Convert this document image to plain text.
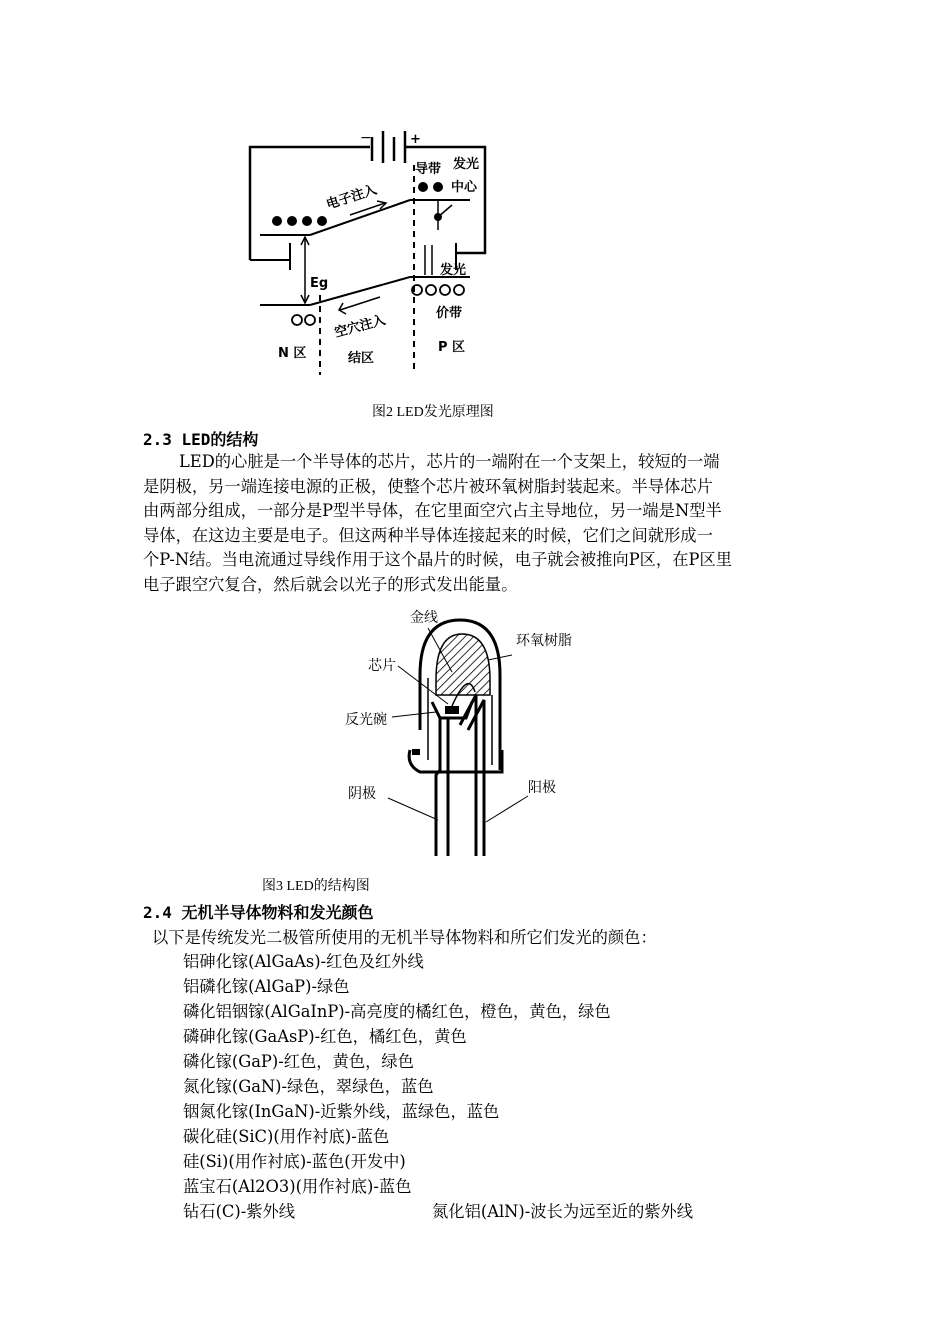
−	+
Eg
导带 发光
中心
电子注入
发光
价带
空穴注入
N 区	结区
P 区
图2 LED发光原理图
2.3 LED的结构
LED的心脏是一个半导体的芯片，芯片的一端附在一个支架上，较短的一端
是阴极，另一端连接电源的正极，使整个芯片被环氧树脂封装起来。半导体芯片
由两部分组成，一部分是P型半导体，在它里面空穴占主导地位，另一端是N型半
导体，在这边主要是电子。但这两种半导体连接起来的时候，它们之间就形成一
个P-N结。当电流通过导线作用于这个晶片的时候，电子就会被推向P区，在P区里
电子跟空穴复合，然后就会以光子的形式发出能量。
金线
环氧树脂
芯片
反光碗
阴极	阳极
图3 LED的结构图
2.4 无机半导体物料和发光颜色
以下是传统发光二极管所使用的无机半导体物料和所它们发光的颜色：
铝砷化镓(AlGaAs)-红色及红外线
铝磷化镓(AlGaP)-绿色
磷化铝铟镓(AlGaInP)-高亮度的橘红色，橙色，黄色，绿色
磷砷化镓(GaAsP)-红色，橘红色，黄色
磷化镓(GaP)-红色，黄色，绿色
氮化镓(GaN)-绿色，翠绿色，蓝色
铟氮化镓(InGaN)-近紫外线，蓝绿色，蓝色
碳化硅(SiC)(用作衬底)-蓝色
硅(Si)(用作衬底)-蓝色(开发中)
蓝宝石(Al2O3)(用作衬底)-蓝色
钻石(C)-紫外线	氮化铝(AlN)-波长为远至近的紫外线
